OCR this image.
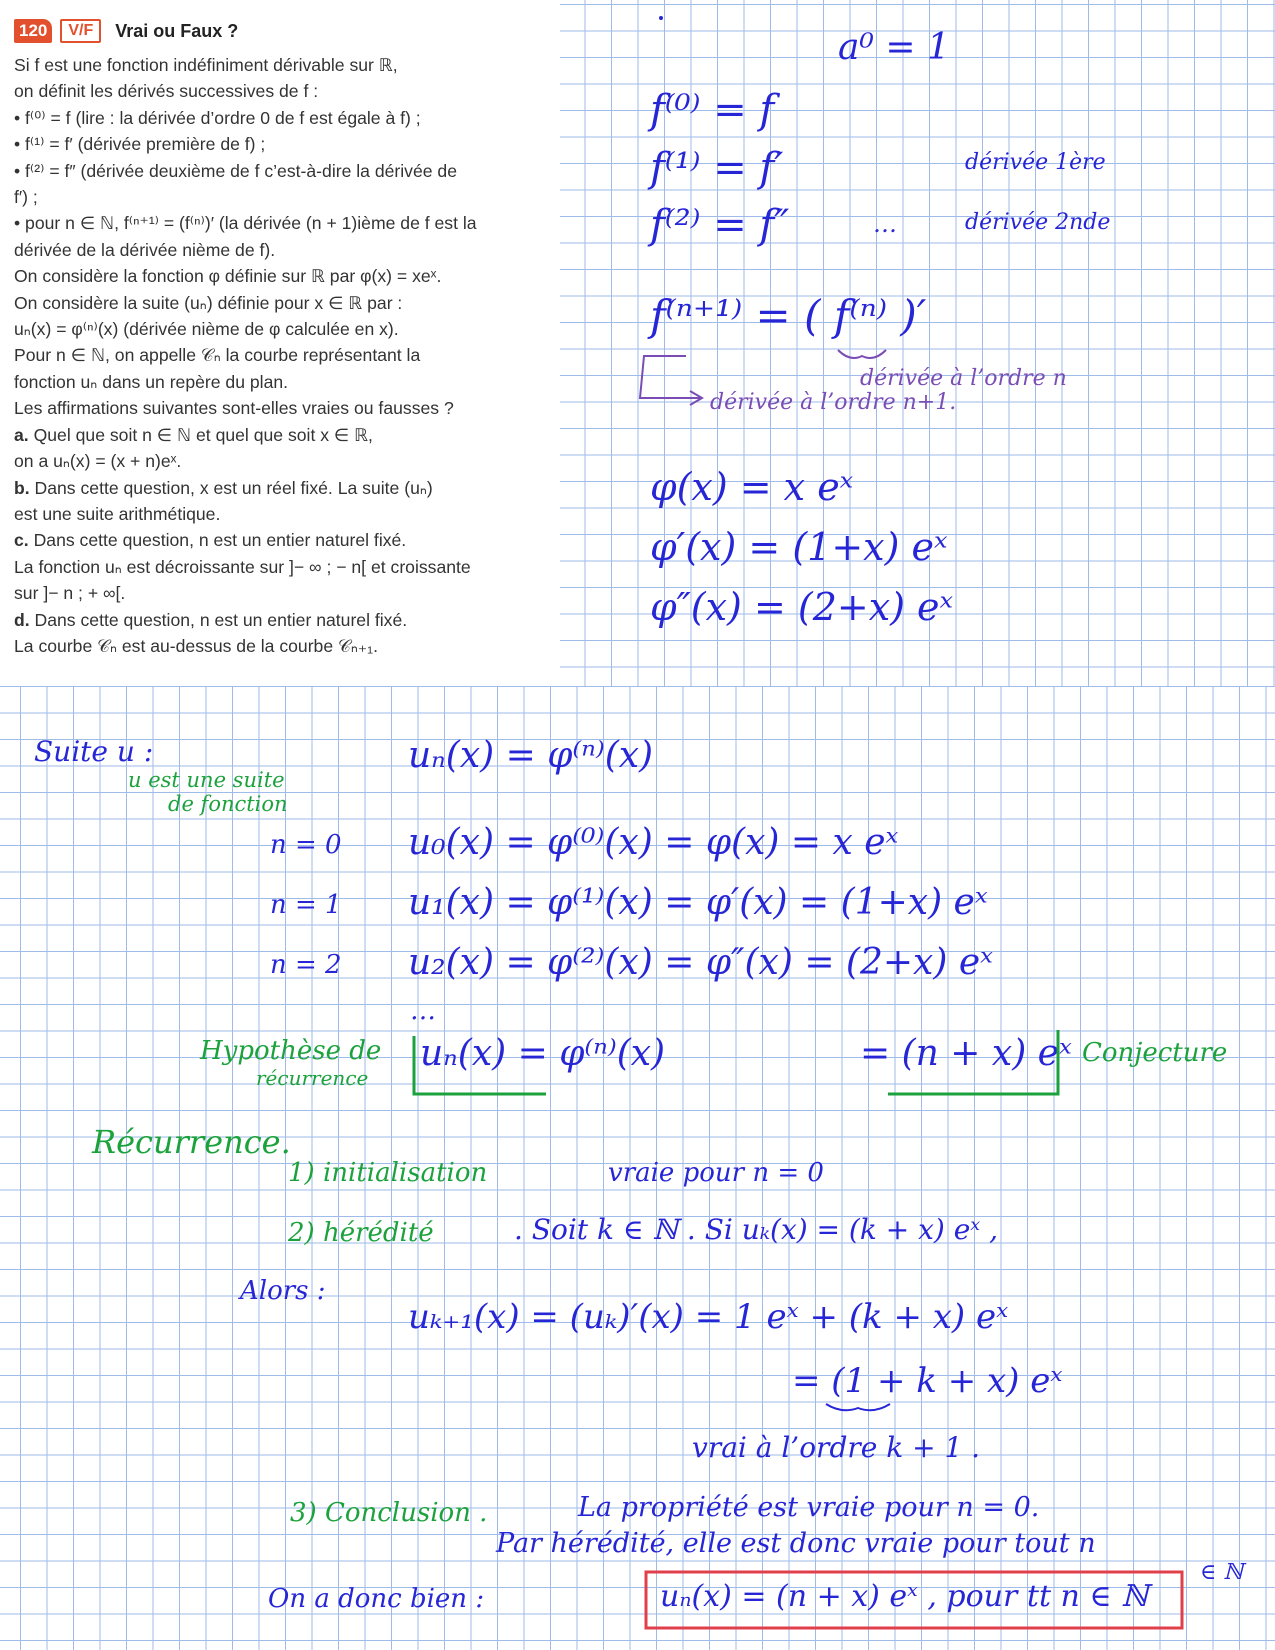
120	V/F	Vrai ou Faux ?
Si f est une fonction indéfiniment dérivable sur ℝ,
on définit les dérivés successives de f :
• f⁽⁰⁾ = f (lire : la dérivée d’ordre 0 de f est égale à f) ;
• f⁽¹⁾ = f′ (dérivée première de f) ;
• f⁽²⁾ = f″ (dérivée deuxième de f c’est-à-dire la dérivée de
f′) ;
• pour n ∈ ℕ, f⁽ⁿ⁺¹⁾ = (f⁽ⁿ⁾)′ (la dérivée (n + 1)ième de f est la
dérivée de la dérivée nième de f).
On considère la fonction φ définie sur ℝ par φ(x) = xeˣ.
On considère la suite (uₙ) définie pour x ∈ ℝ par :
uₙ(x) = φ⁽ⁿ⁾(x) (dérivée nième de φ calculée en x).
Pour n ∈ ℕ, on appelle 𝒞ₙ la courbe représentant la
fonction uₙ dans un repère du plan.
Les affirmations suivantes sont-elles vraies ou fausses ?
a. Quel que soit n ∈ ℕ et quel que soit x ∈ ℝ,
on a uₙ(x) = (x + n)eˣ.
b. Dans cette question, x est un réel fixé. La suite (uₙ)
est une suite arithmétique.
c. Dans cette question, n est un entier naturel fixé.
La fonction uₙ est décroissante sur ]− ∞ ; − n[ et croissante
sur ]− n ; + ∞[.
d. Dans cette question, n est un entier naturel fixé.
La courbe 𝒞ₙ est au-dessus de la courbe 𝒞ₙ₊₁.
a⁰ = 1
f⁽⁰⁾ = f
f⁽¹⁾ = f′	dérivée 1ère
f⁽²⁾ = f″	…	dérivée 2nde
f⁽ⁿ⁺¹⁾ = ( f⁽ⁿ⁾ )′
dérivée à l’ordre n
dérivée à l’ordre n+1.
φ(x) = x eˣ
φ′(x) = (1+x) eˣ
φ″(x) = (2+x) eˣ
Suite u :
u est une suite
de fonction
uₙ(x) = φ⁽ⁿ⁾(x)
n = 0 u₀(x) = φ⁽⁰⁾(x) = φ(x) = x eˣ
n = 1 u₁(x) = φ⁽¹⁾(x) = φ′(x) = (1+x) eˣ
n = 2 u₂(x) = φ⁽²⁾(x) = φ″(x) = (2+x) eˣ
…
Hypothèse de
récurrence
uₙ(x) = φ⁽ⁿ⁾(x)	= (n + x) eˣ Conjecture
Récurrence.
1) initialisation	vraie pour n = 0
2) hérédité	. Soit k ∈ ℕ . Si uₖ(x) = (k + x) eˣ ,
Alors :
uₖ₊₁(x) = (uₖ)′(x) = 1 eˣ + (k + x) eˣ
= (1 + k + x) eˣ
vrai à l’ordre k + 1 .
3) Conclusion .	La propriété est vraie pour n = 0.
Par hérédité, elle est donc vraie pour tout n
∈ ℕ
On a donc bien :	uₙ(x) = (n + x) eˣ , pour tt n ∈ ℕ
